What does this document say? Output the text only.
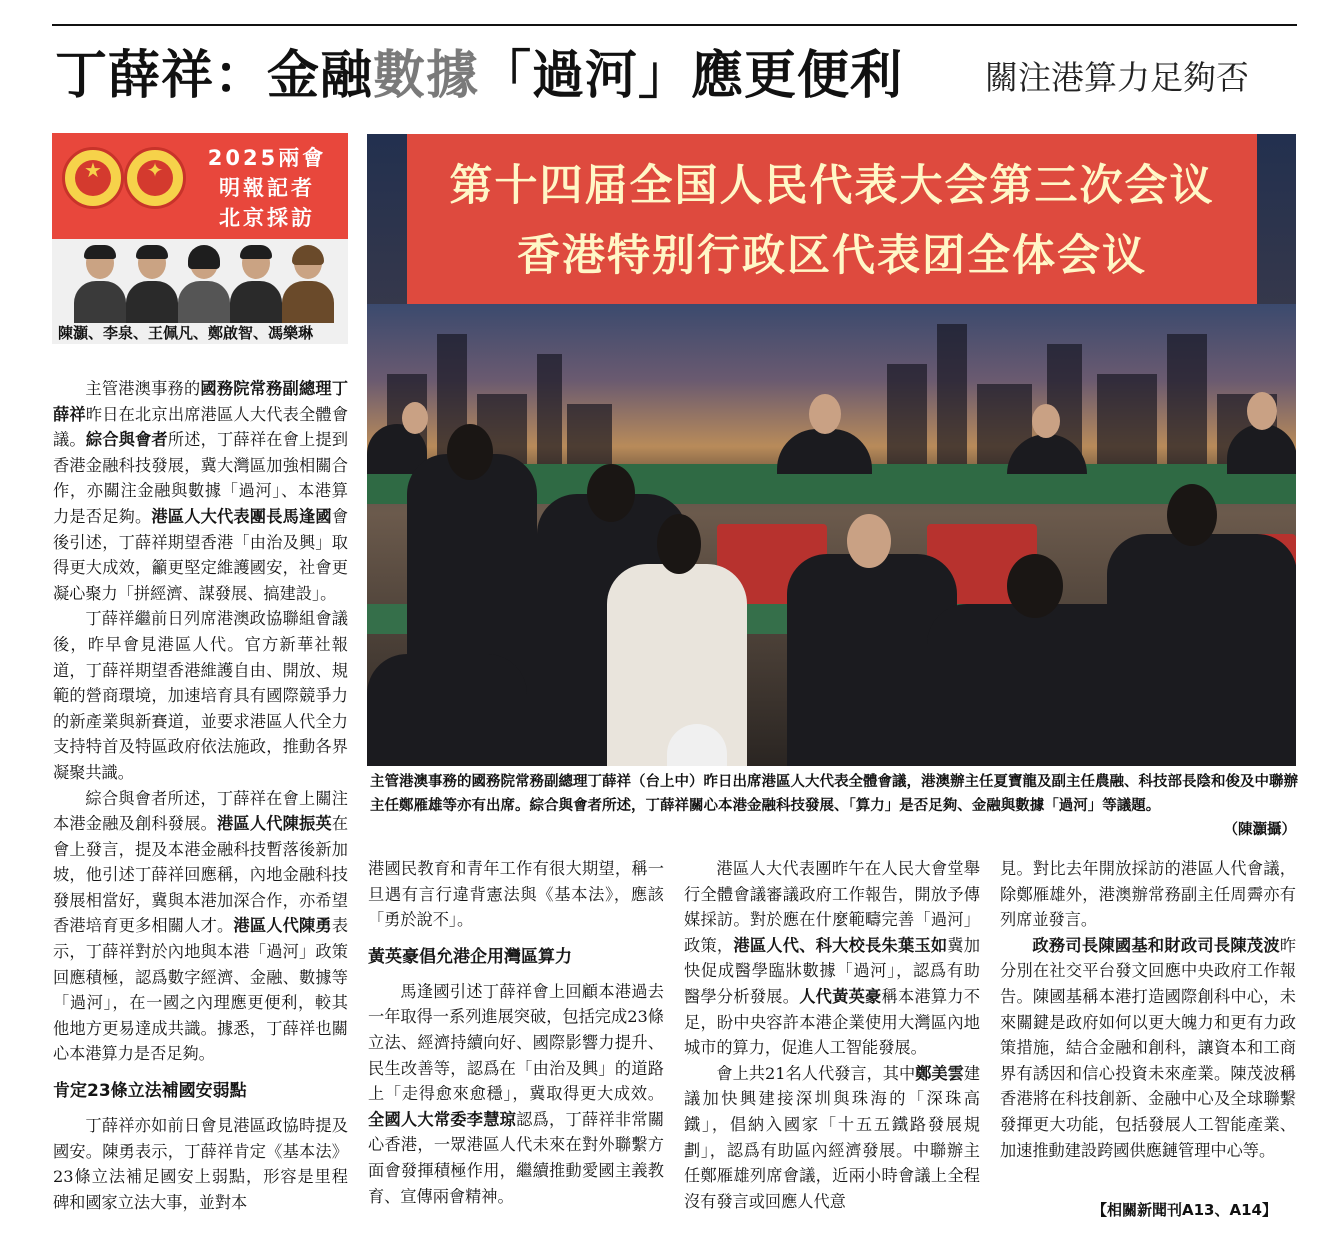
丁薛祥：金融數據「過河」應更便利 關注港算力足夠否
★	✦	2025兩會
明報記者
北京採訪
陳灝、李泉、王佩凡、鄭啟智、馮樂琳
第十四届全国人民代表大会第三次会议
香港特别行政区代表团全体会议
主管港澳事務的國務院常務副總理丁薛祥（台上中）昨日出席港區人大代表全體會議，港澳辦主任夏寶龍及副主任農融、科技部長陰和俊及中聯辦主任鄭雁雄等亦有出席。綜合與會者所述，丁薛祥關心本港金融科技發展、「算力」是否足夠、金融與數據「過河」等議題。
（陳灝攝）

主管港澳事務的國務院常務副總理丁薛祥昨日在北京出席港區人大代表全體會議。綜合與會者所述，丁薛祥在會上提到香港金融科技發展，冀大灣區加強相關合作，亦關注金融與數據「過河」、本港算力是否足夠。港區人大代表團長馬逢國會後引述，丁薛祥期望香港「由治及興」取得更大成效，籲更堅定維護國安，社會更凝心聚力「拼經濟、謀發展、搞建設」。

丁薛祥繼前日列席港澳政協聯組會議後，昨早會見港區人代。官方新華社報道，丁薛祥期望香港維護自由、開放、規範的營商環境，加速培育具有國際競爭力的新產業與新賽道，並要求港區人代全力支持特首及特區政府依法施政，推動各界凝聚共識。

綜合與會者所述，丁薛祥在會上關注本港金融及創科發展。港區人代陳振英在會上發言，提及本港金融科技暫落後新加坡，他引述丁薛祥回應稱，內地金融科技發展相當好，冀與本港加深合作，亦希望香港培育更多相關人才。港區人代陳勇表示，丁薛祥對於內地與本港「過河」政策回應積極，認爲數字經濟、金融、數據等「過河」，在一國之內理應更便利，較其他地方更易達成共識。據悉，丁薛祥也關心本港算力是否足夠。

肯定23條立法補國安弱點

丁薛祥亦如前日會見港區政協時提及國安。陳勇表示，丁薛祥肯定《基本法》23條立法補足國安上弱點，形容是里程碑和國家立法大事，並對本

港國民教育和青年工作有很大期望，稱一旦遇有言行違背憲法與《基本法》，應該「勇於說不」。

黃英豪倡允港企用灣區算力

馬逢國引述丁薛祥會上回顧本港過去一年取得一系列進展突破，包括完成23條立法、經濟持續向好、國際影響力提升、民生改善等，認爲在「由治及興」的道路上「走得愈來愈穩」，冀取得更大成效。全國人大常委李慧琼認爲，丁薛祥非常關心香港，一眾港區人代未來在對外聯繫方面會發揮積極作用，繼續推動愛國主義教育、宣傳兩會精神。

港區人大代表團昨午在人民大會堂舉行全體會議審議政府工作報告，開放予傳媒採訪。對於應在什麼範疇完善「過河」政策，港區人代、科大校長朱葉玉如冀加快促成醫學臨牀數據「過河」，認爲有助醫學分析發展。人代黃英豪稱本港算力不足，盼中央容許本港企業使用大灣區內地城市的算力，促進人工智能發展。

會上共21名人代發言，其中鄭美雲建議加快興建接深圳與珠海的「深珠高鐵」，倡納入國家「十五五鐵路發展規劃」，認爲有助區內經濟發展。中聯辦主任鄭雁雄列席會議，近兩小時會議上全程沒有發言或回應人代意

見。對比去年開放採訪的港區人代會議，除鄭雁雄外，港澳辦常務副主任周霽亦有列席並發言。

政務司長陳國基和財政司長陳茂波昨分別在社交平台發文回應中央政府工作報告。陳國基稱本港打造國際創科中心，未來關鍵是政府如何以更大魄力和更有力政策措施，結合金融和創科，讓資本和工商界有誘因和信心投資未來產業。陳茂波稱香港將在科技創新、金融中心及全球聯繫發揮更大功能，包括發展人工智能產業、加速推動建設跨國供應鏈管理中心等。

【相關新聞刊A13、A14】
